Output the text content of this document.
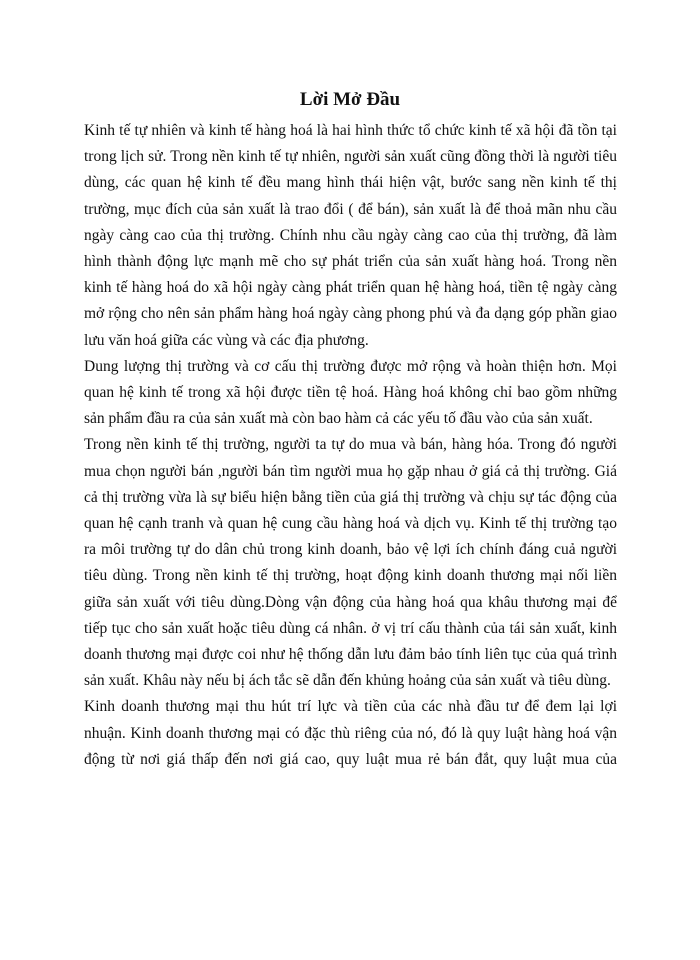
Lời Mở Đầu

Kinh tế tự nhiên và kinh tế hàng hoá là hai hình thức tổ chức kinh tế xã hội đã tồn tại trong lịch sử. Trong nền kinh tế tự nhiên, người sản xuất cũng đồng thời là người tiêu dùng, các quan hệ kinh tế đều mang hình thái hiện vật, bước sang nền kinh tế thị trường, mục đích của sản xuất là trao đổi ( để bán), sản xuất là để thoả mãn nhu cầu ngày càng cao của thị trường. Chính nhu cầu ngày càng cao của thị trường, đã làm hình thành động lực mạnh mẽ cho sự phát triển của sản xuất hàng hoá. Trong nền kinh tế hàng hoá do xã hội ngày càng phát triển quan hệ hàng hoá, tiền tệ ngày càng mở rộng cho nên sản phẩm hàng hoá ngày càng phong phú và đa dạng góp phần giao lưu văn hoá giữa các vùng và các địa phương.

Dung lượng thị trường và cơ cấu thị trường được mở rộng và hoàn thiện hơn. Mọi quan hệ kinh tế trong xã hội được tiền tệ hoá. Hàng hoá không chỉ bao gồm những sản phẩm đầu ra của sản xuất mà còn bao hàm cả các yếu tố đầu vào của sản xuất.

Trong nền kinh tế thị trường, người ta tự do mua và bán, hàng hóa. Trong đó người mua chọn người bán ,người bán tìm người mua họ gặp nhau ở giá cả thị trường. Giá cả thị trường vừa là sự biểu hiện bằng tiền của giá thị trường và chịu sự tác động của quan hệ cạnh tranh và quan hệ cung cầu hàng hoá và dịch vụ. Kinh tế thị trường tạo ra môi trường tự do dân chủ trong kinh doanh, bảo vệ lợi ích chính đáng cuả người tiêu dùng. Trong nền kinh tế thị trường, hoạt động kinh doanh thương mại nối liền giữa sản xuất với tiêu dùng.Dòng vận động của hàng hoá qua khâu thương mại để tiếp tục cho sản xuất hoặc tiêu dùng cá nhân. ở vị trí cấu thành của tái sản xuất, kinh doanh thương mại được coi như hệ thống dẫn lưu đảm bảo tính liên tục của quá trình sản xuất. Khâu này nếu bị ách tắc sẽ dẫn đến khủng hoảng của sản xuất và tiêu dùng.

Kinh doanh thương mại thu hút trí lực và tiền của các nhà đầu tư để đem lại lợi nhuận. Kinh doanh thương mại có đặc thù riêng của nó, đó là quy luật hàng hoá vận động từ nơi giá thấp đến nơi giá cao, quy luật mua rẻ bán đắt, quy luật mua của
